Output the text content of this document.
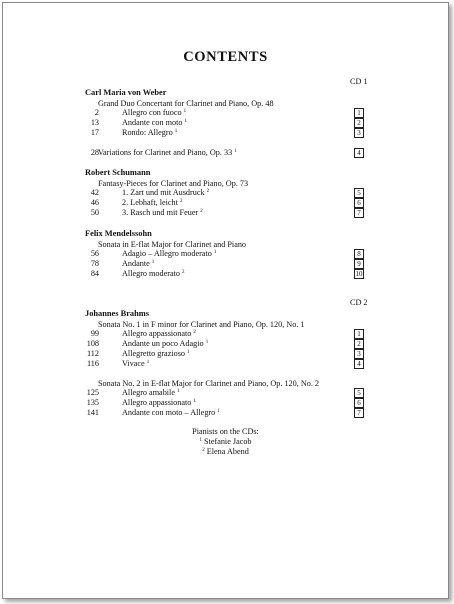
CONTENTS
CD 1
Carl Maria von Weber
Grand Duo Concertant for Clarinet and Piano, Op. 48
2	Allegro con fuoco $^1$	1
13	Andante con moto $^1$	2
17	Rondo: Allegro $^1$	3
28 Variations for Clarinet and Piano, Op. 33 $^1$	4
Robert Schumann
Fantasy-Pieces for Clarinet and Piano, Op. 73
42	1. Zart und mit Ausdruck $^2$	5
46	2. Lebhaft, leicht $^2$	6
50	3. Rasch und mit Feuer $^2$	7
Felix Mendelssohn
Sonata in E-flat Major for Clarinet and Piano
56	Adagio – Allegro moderato $^1$	8
78	Andante $^1$	9
84	Allegro moderato $^2$	10
CD 2
Johannes Brahms
Sonata No. 1 in F minor for Clarinet and Piano, Op. 120, No. 1
99	Allegro appassionato $^2$	1
108	Andante un poco Adagio $^1$	2
112	Allegretto grazioso $^1$	3
116	Vivace $^1$	4
Sonata No. 2 in E-flat Major for Clarinet and Piano, Op. 120, No. 2
125	Allegro amabile $^1$	5
135	Allegro appassionato $^1$	6
141	Andante con moto – Allegro $^1$	7
Pianists on the CDs:
$^1$ Stefanie Jacob
$^2$ Elena Abend
